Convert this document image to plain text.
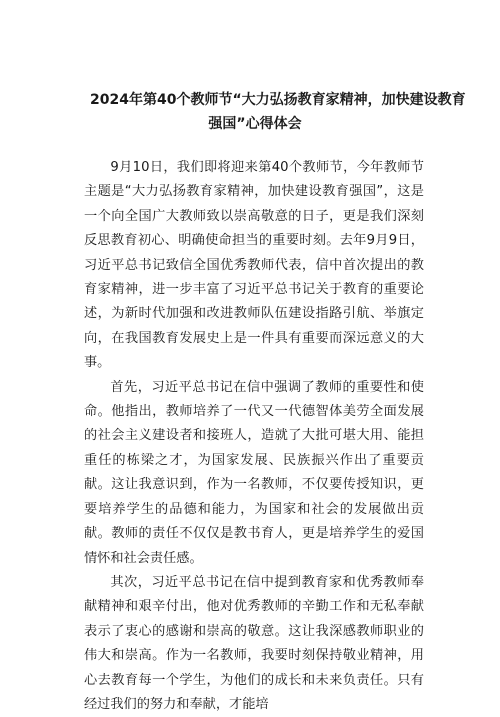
2024年第40个教师节“大力弘扬教育家精神，加快建设教育
强国”心得体会

9月10日，我们即将迎来第40个教师节，今年教师节主题是“大力弘扬教育家精神，加快建设教育强国”，这是一个向全国广大教师致以崇高敬意的日子，更是我们深刻反思教育初心、明确使命担当的重要时刻。去年9月9日，习近平总书记致信全国优秀教师代表，信中首次提出的教育家精神，进一步丰富了习近平总书记关于教育的重要论述，为新时代加强和改进教师队伍建设指路引航、举旗定向，在我国教育发展史上是一件具有重要而深远意义的大事。

首先，习近平总书记在信中强调了教师的重要性和使命。他指出，教师培养了一代又一代德智体美劳全面发展的社会主义建设者和接班人，造就了大批可堪大用、能担重任的栋梁之才，为国家发展、民族振兴作出了重要贡献。这让我意识到，作为一名教师，不仅要传授知识，更要培养学生的品德和能力，为国家和社会的发展做出贡献。教师的责任不仅仅是教书育人，更是培养学生的爱国情怀和社会责任感。

其次，习近平总书记在信中提到教育家和优秀教师奉献精神和艰辛付出，他对优秀教师的辛勤工作和无私奉献表示了衷心的感谢和崇高的敬意。这让我深感教师职业的伟大和崇高。作为一名教师，我要时刻保持敬业精神，用心去教育每一个学生，为他们的成长和未来负责任。只有经过我们的努力和奉献，才能培
